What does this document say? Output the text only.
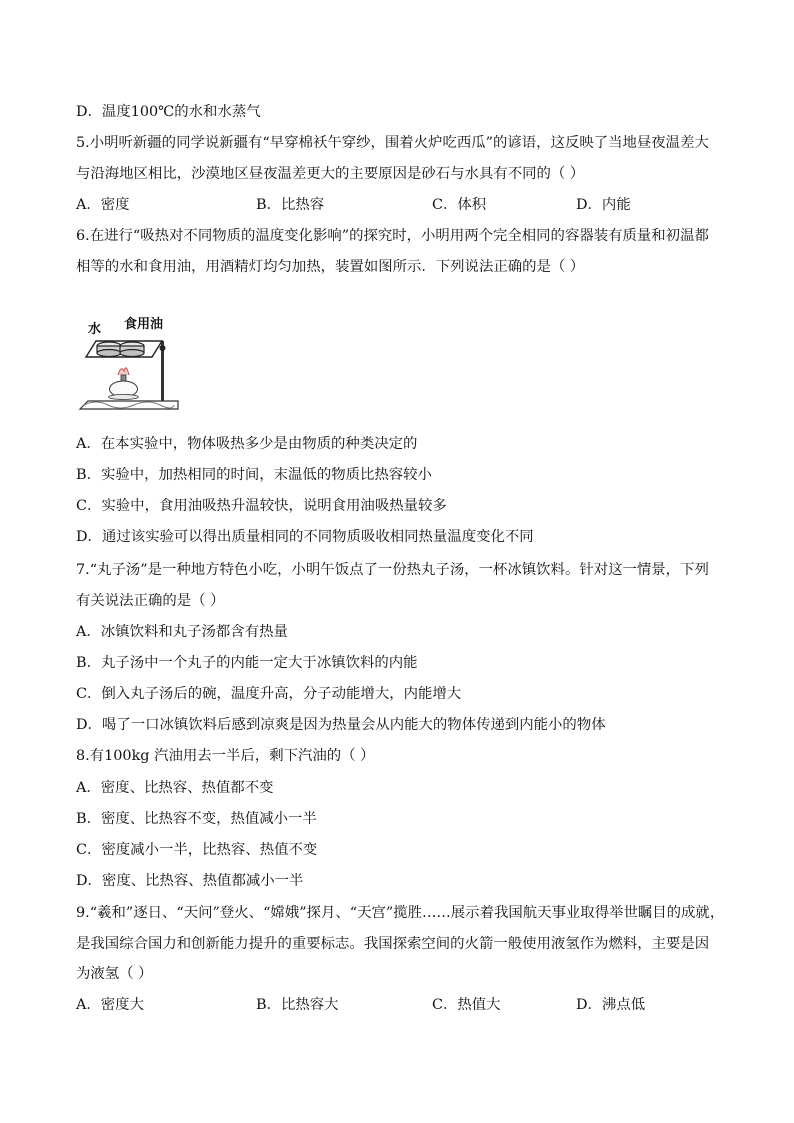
D．温度100℃的水和水蒸气
5.小明听新疆的同学说新疆有“早穿棉袄午穿纱，围着火炉吃西瓜”的谚语，这反映了当地昼夜温差大
与沿海地区相比，沙漠地区昼夜温差更大的主要原因是砂石与水具有不同的（ ）
A．密度	B．比热容	C．体积	D．内能
6.在进行“吸热对不同物质的温度变化影响”的探究时，小明用两个完全相同的容器装有质量和初温都
相等的水和食用油，用酒精灯均匀加热，装置如图所示．下列说法正确的是（ ）
水 食用油
A．在本实验中，物体吸热多少是由物质的种类决定的
B．实验中，加热相同的时间，末温低的物质比热容较小
C．实验中，食用油吸热升温较快，说明食用油吸热量较多
D．通过该实验可以得出质量相同的不同物质吸收相同热量温度变化不同
7.“丸子汤”是一种地方特色小吃，小明午饭点了一份热丸子汤，一杯冰镇饮料。针对这一情景，下列
有关说法正确的是（ ）
A．冰镇饮料和丸子汤都含有热量
B．丸子汤中一个丸子的内能一定大于冰镇饮料的内能
C．倒入丸子汤后的碗，温度升高，分子动能增大，内能增大
D．喝了一口冰镇饮料后感到凉爽是因为热量会从内能大的物体传递到内能小的物体
8.有100kg 汽油用去一半后，剩下汽油的（ ）
A．密度、比热容、热值都不变
B．密度、比热容不变，热值减小一半
C．密度减小一半，比热容、热值不变
D．密度、比热容、热值都减小一半
9.“羲和”逐日、“天问”登火、“嫦娥”探月、“天宫”揽胜……展示着我国航天事业取得举世瞩目的成就，
是我国综合国力和创新能力提升的重要标志。我国探索空间的火箭一般使用液氢作为燃料，主要是因
为液氢（ ）
A．密度大	B．比热容大	C．热值大	D．沸点低
